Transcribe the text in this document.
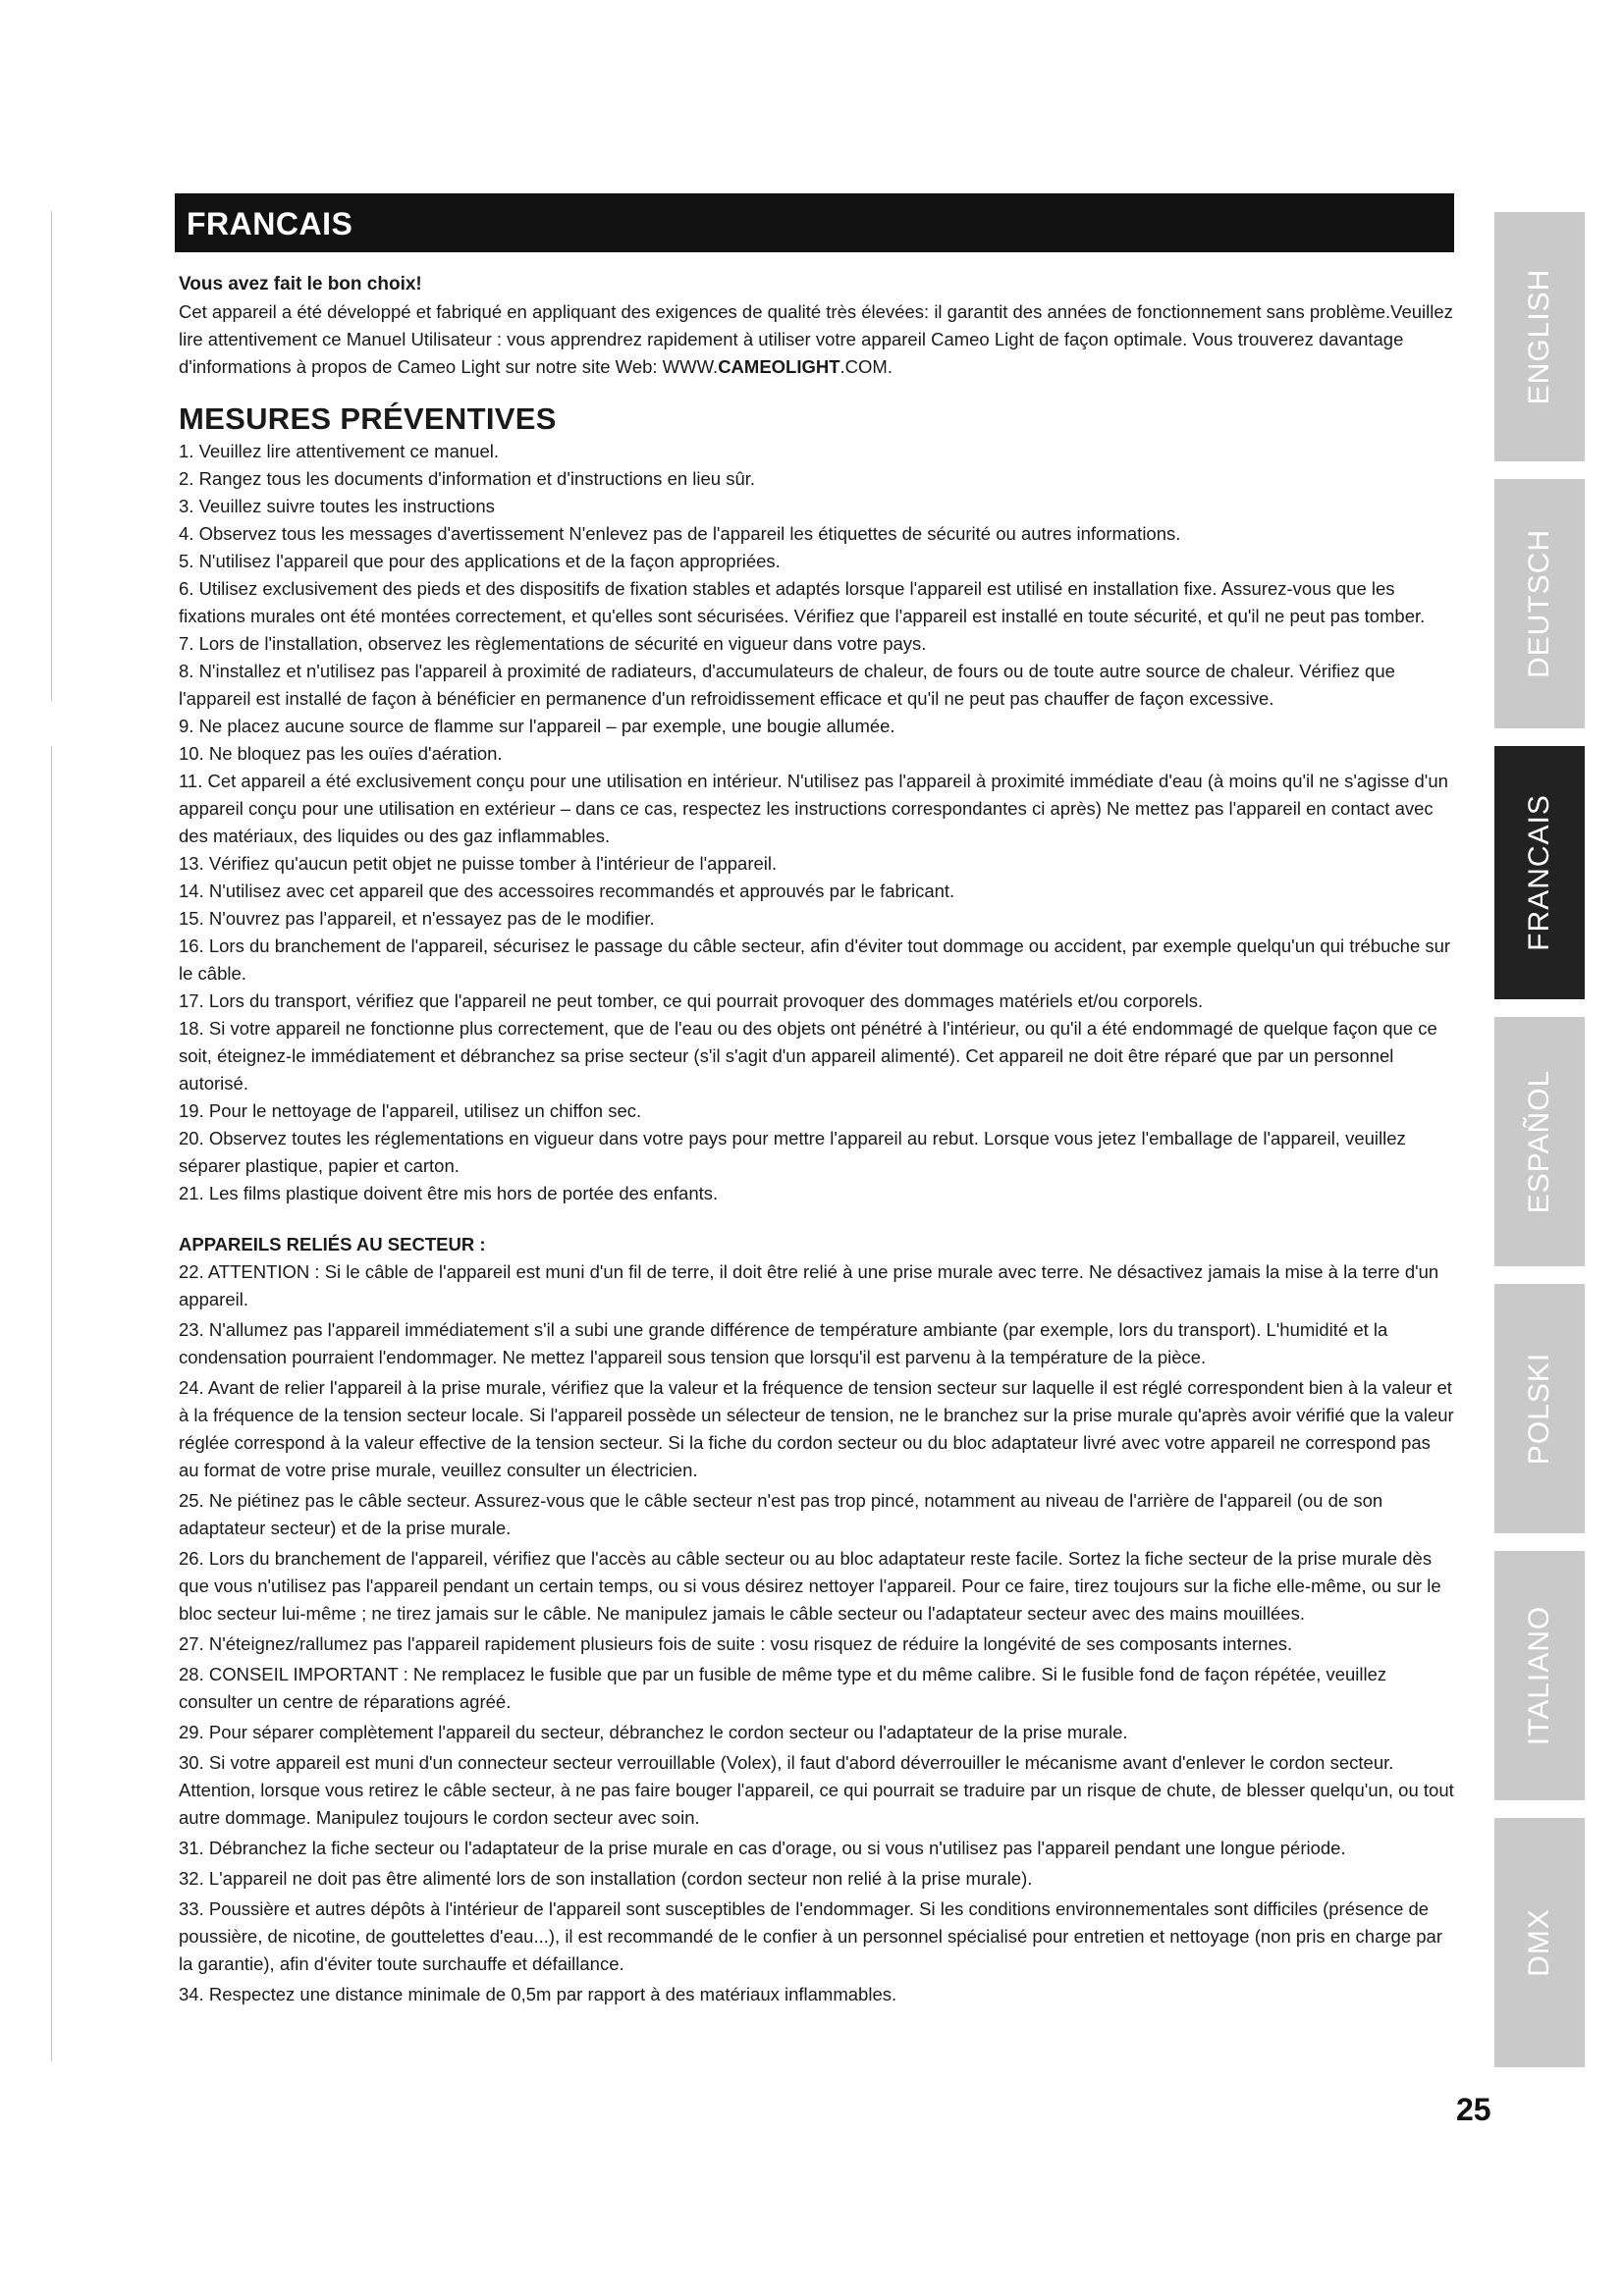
FRANCAIS
Vous avez fait le bon choix!

Cet appareil a été développé et fabriqué en appliquant des exigences de qualité très élevées: il garantit des années de fonctionnement sans problème.Veuillez lire attentivement ce Manuel Utilisateur : vous apprendrez rapidement à utiliser votre appareil Cameo Light de façon optimale. Vous trouverez davantage d'informations à propos de Cameo Light sur notre site Web: WWW.CAMEOLIGHT.COM.

MESURES PRÉVENTIVES
1. Veuillez lire attentivement ce manuel.
2. Rangez tous les documents d'information et d'instructions en lieu sûr.
3. Veuillez suivre toutes les instructions
4. Observez tous les messages d'avertissement N'enlevez pas de l'appareil les étiquettes de sécurité ou autres informations.
5. N'utilisez l'appareil que pour des applications et de la façon appropriées.
6. Utilisez exclusivement des pieds et des dispositifs de fixation stables et adaptés lorsque l'appareil est utilisé en installation fixe. Assurez-vous que les fixations murales ont été montées correctement, et qu'elles sont sécurisées. Vérifiez que l'appareil est installé en toute sécurité, et qu'il ne peut pas tomber.
7. Lors de l'installation, observez les règlementations de sécurité en vigueur dans votre pays.
8. N'installez et n'utilisez pas l'appareil à proximité de radiateurs, d'accumulateurs de chaleur, de fours ou de toute autre source de chaleur. Vérifiez que l'appareil est installé de façon à bénéficier en permanence d'un refroidissement efficace et qu'il ne peut pas chauffer de façon excessive.
9. Ne placez aucune source de flamme sur l'appareil – par exemple, une bougie allumée.
10. Ne bloquez pas les ouïes d'aération.
11. Cet appareil a été exclusivement conçu pour une utilisation en intérieur. N'utilisez pas l'appareil à proximité immédiate d'eau (à moins qu'il ne s'agisse d'un appareil conçu pour une utilisation en extérieur – dans ce cas, respectez les instructions correspondantes ci après) Ne mettez pas l'appareil en contact avec des matériaux, des liquides ou des gaz inflammables.
13. Vérifiez qu'aucun petit objet ne puisse tomber à l'intérieur de l'appareil.
14. N'utilisez avec cet appareil que des accessoires recommandés et approuvés par le fabricant.
15. N'ouvrez pas l'appareil, et n'essayez pas de le modifier.
16. Lors du branchement de l'appareil, sécurisez le passage du câble secteur, afin d'éviter tout dommage ou accident, par exemple quelqu'un qui trébuche sur le câble.
17. Lors du transport, vérifiez que l'appareil ne peut tomber, ce qui pourrait provoquer des dommages matériels et/ou corporels.
18. Si votre appareil ne fonctionne plus correctement, que de l'eau ou des objets ont pénétré à l'intérieur, ou qu'il a été endommagé de quelque façon que ce soit, éteignez-le immédiatement et débranchez sa prise secteur (s'il s'agit d'un appareil alimenté). Cet appareil ne doit être réparé que par un personnel autorisé.
19. Pour le nettoyage de l'appareil, utilisez un chiffon sec.
20. Observez toutes les réglementations en vigueur dans votre pays pour mettre l'appareil au rebut. Lorsque vous jetez l'emballage de l'appareil, veuillez séparer plastique, papier et carton.
21. Les films plastique doivent être mis hors de portée des enfants.
APPAREILS RELIÉS AU SECTEUR :
22. ATTENTION : Si le câble de l'appareil est muni d'un fil de terre, il doit être relié à une prise murale avec terre. Ne désactivez jamais la mise à la terre d'un appareil.
23. N'allumez pas l'appareil immédiatement s'il a subi une grande différence de température ambiante (par exemple, lors du transport). L'humidité et la condensation pourraient l'endommager. Ne mettez l'appareil sous tension que lorsqu'il est parvenu à la température de la pièce.
24. Avant de relier l'appareil à la prise murale, vérifiez que la valeur et la fréquence de tension secteur sur laquelle il est réglé correspondent bien à la valeur et à la fréquence de la tension secteur locale. Si l'appareil possède un sélecteur de tension, ne le branchez sur la prise murale qu'après avoir vérifié que la valeur réglée correspond à la valeur effective de la tension secteur. Si la fiche du cordon secteur ou du bloc adaptateur livré avec votre appareil ne correspond pas au format de votre prise murale, veuillez consulter un électricien.
25. Ne piétinez pas le câble secteur. Assurez-vous que le câble secteur n'est pas trop pincé, notamment au niveau de l'arrière de l'appareil (ou de son adaptateur secteur) et de la prise murale.
26. Lors du branchement de l'appareil, vérifiez que l'accès au câble secteur ou au bloc adaptateur reste facile. Sortez la fiche secteur de la prise murale dès que vous n'utilisez pas l'appareil pendant un certain temps, ou si vous désirez nettoyer l'appareil. Pour ce faire, tirez toujours sur la fiche elle-même, ou sur le bloc secteur lui-même ; ne tirez jamais sur le câble. Ne manipulez jamais le câble secteur ou l'adaptateur secteur avec des mains mouillées.
27. N'éteignez/rallumez pas l'appareil rapidement plusieurs fois de suite : vosu risquez de réduire la longévité de ses composants internes.
28. CONSEIL IMPORTANT : Ne remplacez le fusible que par un fusible de même type et du même calibre. Si le fusible fond de façon répétée, veuillez consulter un centre de réparations agréé.
29. Pour séparer complètement l'appareil du secteur, débranchez le cordon secteur ou l'adaptateur de la prise murale.
30. Si votre appareil est muni d'un connecteur secteur verrouillable (Volex), il faut d'abord déverrouiller le mécanisme avant d'enlever le cordon secteur. Attention, lorsque vous retirez le câble secteur, à ne pas faire bouger l'appareil, ce qui pourrait se traduire par un risque de chute, de blesser quelqu'un, ou tout autre dommage. Manipulez toujours le cordon secteur avec soin.
31. Débranchez la fiche secteur ou l'adaptateur de la prise murale en cas d'orage, ou si vous n'utilisez pas l'appareil pendant une longue période.
32. L'appareil ne doit pas être alimenté lors de son installation (cordon secteur non relié à la prise murale).
33. Poussière et autres dépôts à l'intérieur de l'appareil sont susceptibles de l'endommager. Si les conditions environnementales sont difficiles (présence de poussière, de nicotine, de gouttelettes d'eau...), il est recommandé de le confier à un personnel spécialisé pour entretien et nettoyage (non pris en charge par la garantie), afin d'éviter toute surchauffe et défaillance.
34. Respectez une distance minimale de 0,5m par rapport à des matériaux inflammables.
ENGLISH
DEUTSCH
FRANCAIS
ESPAÑOL
POLSKI
ITALIANO
DMX
25
